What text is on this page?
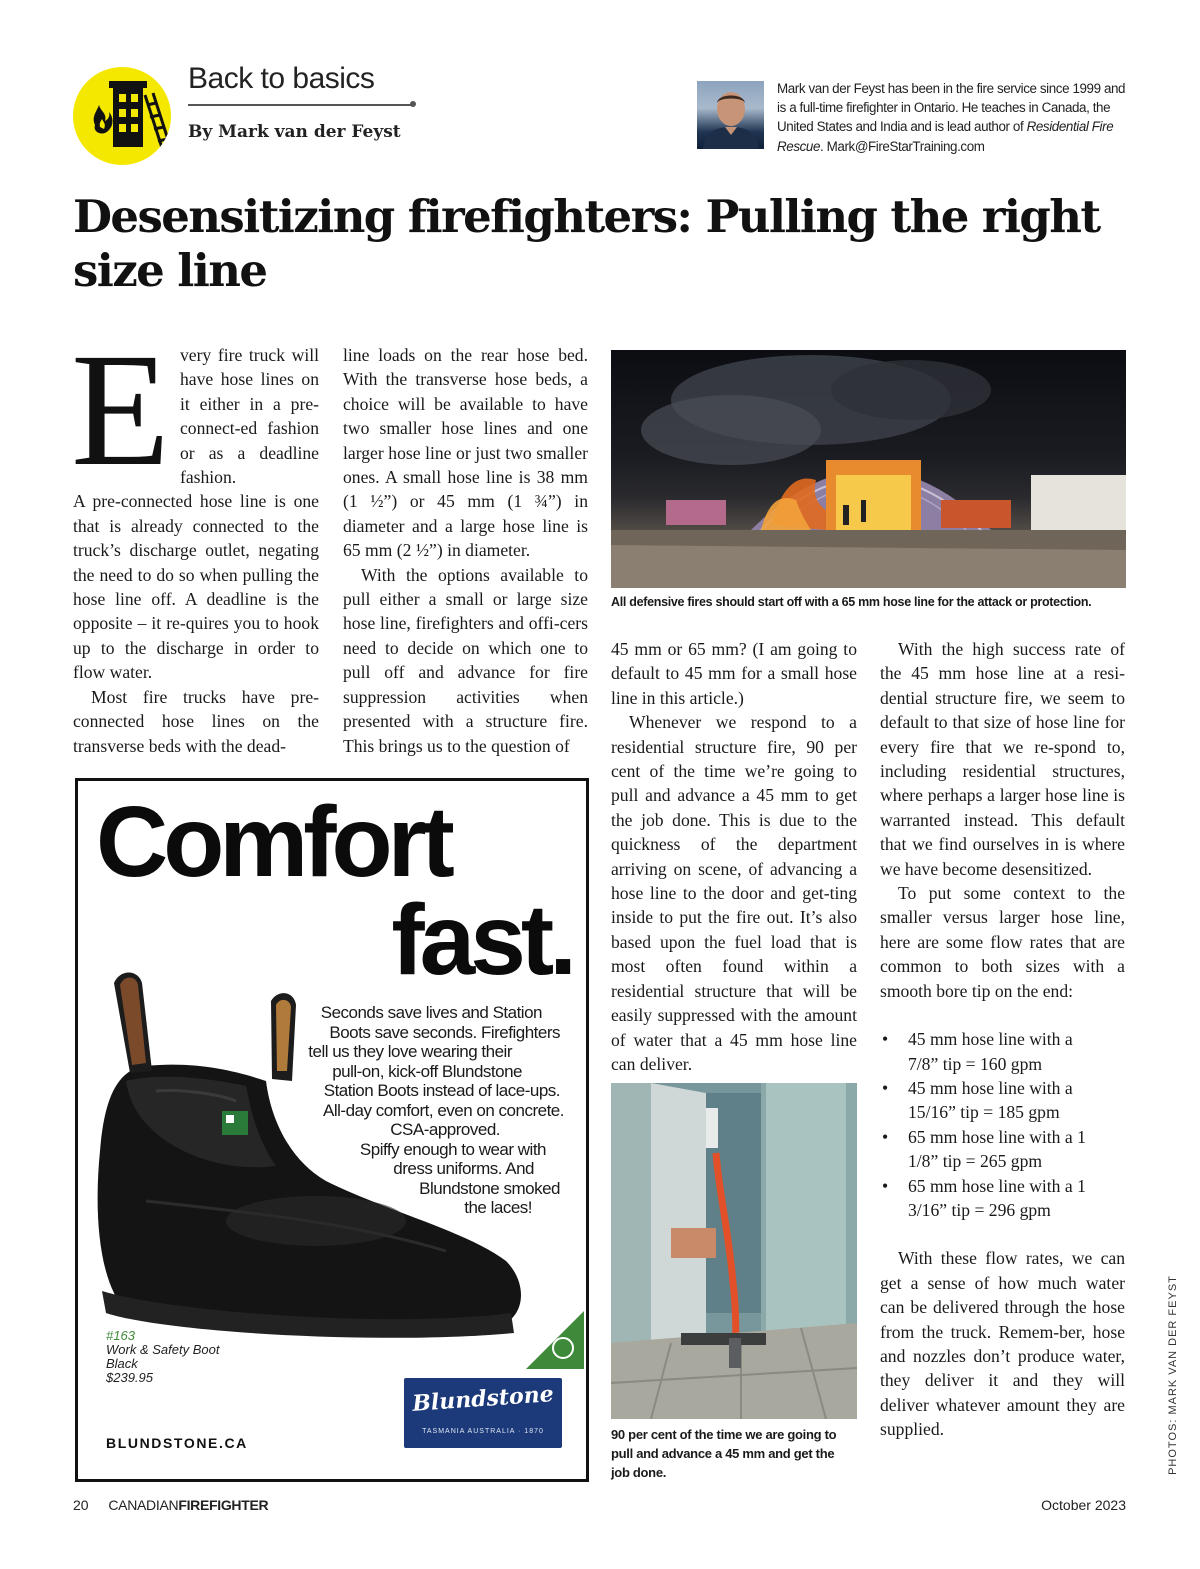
Back to basics
By Mark van der Feyst
Mark van der Feyst has been in the fire service since 1999 and is a full-time firefighter in Ontario. He teaches in Canada, the United States and India and is lead author of Residential Fire Rescue. Mark@FireStarTraining.com
Desensitizing firefighters: Pulling the right size line
E very fire truck will have hose lines on it either in a pre-connect-ed fashion or as a deadline fashion.

A pre-connected hose line is one that is already connected to the truck’s discharge outlet, negating the need to do so when pulling the hose line off. A deadline is the opposite – it re-quires you to hook up to the discharge in order to flow water.

Most fire trucks have pre-connected hose lines on the transverse beds with the dead-

line loads on the rear hose bed. With the transverse hose beds, a choice will be available to have two smaller hose lines and one larger hose line or just two smaller ones. A small hose line is 38 mm (1 ½”) or 45 mm (1 ¾”) in diameter and a large hose line is 65 mm (2 ½”) in diameter.

With the options available to pull either a small or large size hose line, firefighters and offi-cers need to decide on which one to pull off and advance for fire suppression activities when presented with a structure fire. This brings us to the question of

All defensive fires should start off with a 65 mm hose line for the attack or protection.

45 mm or 65 mm? (I am going to default to 45 mm for a small hose line in this article.)

Whenever we respond to a residential structure fire, 90 per cent of the time we’re going to pull and advance a 45 mm to get the job done. This is due to the quickness of the department arriving on scene, of advancing a hose line to the door and get-ting inside to put the fire out. It’s also based upon the fuel load that is most often found within a residential structure that will be easily suppressed with the amount of water that a 45 mm hose line can deliver.

90 per cent of the time we are going to pull and advance a 45 mm and get the job done.

With the high success rate of the 45 mm hose line at a resi-dential structure fire, we seem to default to that size of hose line for every fire that we re-spond to, including residential structures, where perhaps a larger hose line is warranted instead. This default that we find ourselves in is where we have become desensitized.

To put some context to the smaller versus larger hose line, here are some flow rates that are common to both sizes with a smooth bore tip on the end:

• 45 mm hose line with a 7/8” tip = 160 gpm
• 45 mm hose line with a 15/16” tip = 185 gpm
• 65 mm hose line with a 1 1/8” tip = 265 gpm
• 65 mm hose line with a 1 3/16” tip = 296 gpm

With these flow rates, we can get a sense of how much water can be delivered through the hose from the truck. Remem-ber, hose and nozzles don’t produce water, they deliver it and they will deliver whatever amount they are supplied.	PHOTOS: MARK VAN DER FEYST
Comfort
fast.
Seconds save lives and Station
Boots save seconds. Firefighters
tell us they love wearing their
pull-on, kick-off Blundstone
Station Boots instead of lace-ups.
All-day comfort, even on concrete.
CSA-approved.
Spiffy enough to wear with
dress uniforms. And
Blundstone smoked
the laces!
#163
Work & Safety Boot
Black
$239.95
BLUNDSTONE.CA
Blundstone
TASMANIA AUSTRALIA · 1870
20 CANADIANFIREFIGHTER	October 2023
